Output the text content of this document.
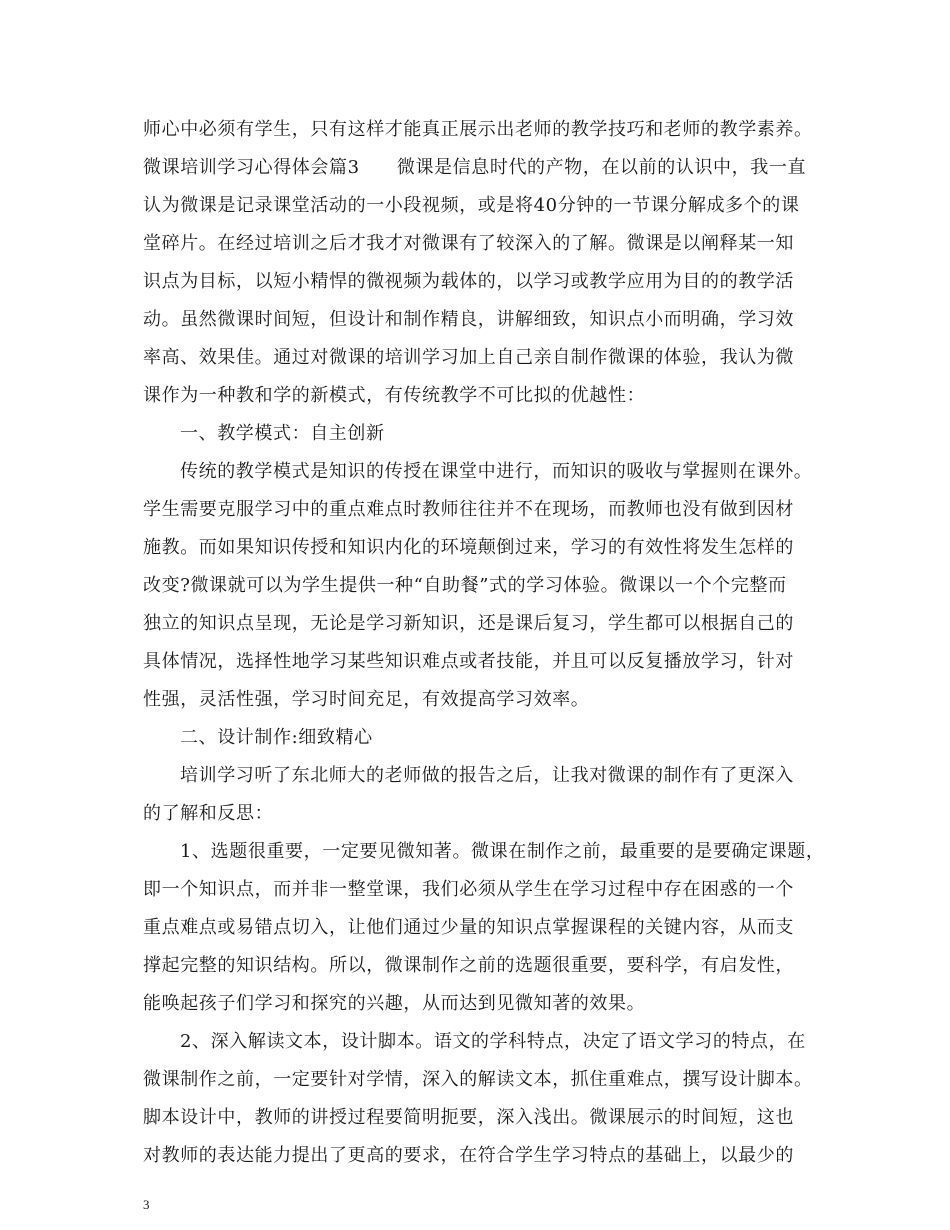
师心中必须有学生，只有这样才能真正展示出老师的教学技巧和老师的教学素养。
微课培训学习心得体会篇3　　微课是信息时代的产物，在以前的认识中，我一直
认为微课是记录课堂活动的一小段视频，或是将40分钟的一节课分解成多个的课
堂碎片。在经过培训之后才我才对微课有了较深入的了解。微课是以阐释某一知
识点为目标，以短小精悍的微视频为载体的，以学习或教学应用为目的的教学活
动。虽然微课时间短，但设计和制作精良，讲解细致，知识点小而明确，学习效
率高、效果佳。通过对微课的培训学习加上自己亲自制作微课的体验，我认为微
课作为一种教和学的新模式，有传统教学不可比拟的优越性：
一、教学模式：自主创新
传统的教学模式是知识的传授在课堂中进行，而知识的吸收与掌握则在课外。
学生需要克服学习中的重点难点时教师往往并不在现场，而教师也没有做到因材
施教。而如果知识传授和知识内化的环境颠倒过来，学习的有效性将发生怎样的
改变?微课就可以为学生提供一种“自助餐”式的学习体验。微课以一个个完整而
独立的知识点呈现，无论是学习新知识，还是课后复习，学生都可以根据自己的
具体情况，选择性地学习某些知识难点或者技能，并且可以反复播放学习，针对
性强，灵活性强，学习时间充足，有效提高学习效率。
二、设计制作:细致精心
培训学习听了东北师大的老师做的报告之后，让我对微课的制作有了更深入
的了解和反思：
1、选题很重要，一定要见微知著。微课在制作之前，最重要的是要确定课题，
即一个知识点，而并非一整堂课，我们必须从学生在学习过程中存在困惑的一个
重点难点或易错点切入，让他们通过少量的知识点掌握课程的关键内容，从而支
撑起完整的知识结构。所以，微课制作之前的选题很重要，要科学，有启发性，
能唤起孩子们学习和探究的兴趣，从而达到见微知著的效果。
2、深入解读文本，设计脚本。语文的学科特点，决定了语文学习的特点，在
微课制作之前，一定要针对学情，深入的解读文本，抓住重难点，撰写设计脚本。
脚本设计中，教师的讲授过程要简明扼要，深入浅出。微课展示的时间短，这也
对教师的表达能力提出了更高的要求，在符合学生学习特点的基础上，以最少的
3
